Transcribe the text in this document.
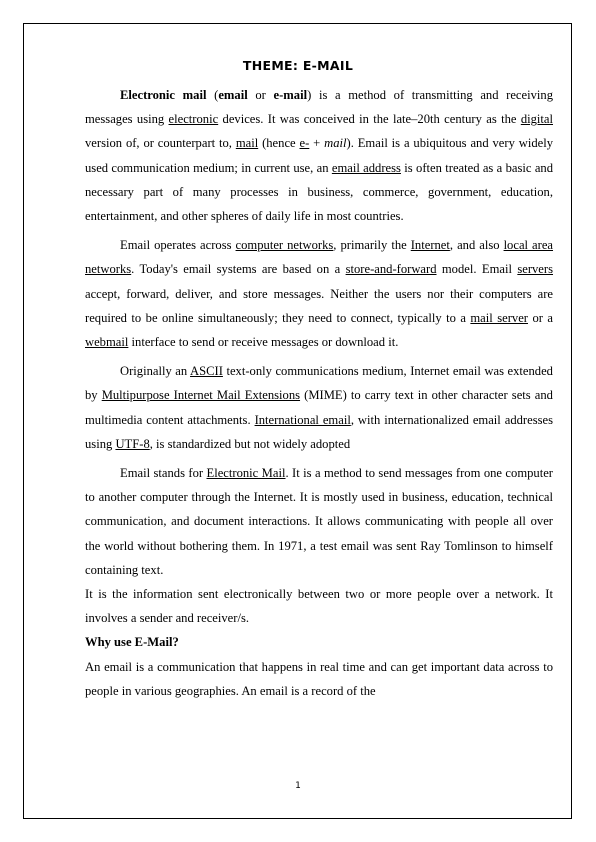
THEME: E-MAIL

Electronic mail (email or e-mail) is a method of transmitting and receiving messages using electronic devices. It was conceived in the late–20th century as the digital version of, or counterpart to, mail (hence e- + mail). Email is a ubiquitous and very widely used communication medium; in current use, an email address is often treated as a basic and necessary part of many processes in business, commerce, government, education, entertainment, and other spheres of daily life in most countries.

Email operates across computer networks, primarily the Internet, and also local area networks. Today's email systems are based on a store-and-forward model. Email servers accept, forward, deliver, and store messages. Neither the users nor their computers are required to be online simultaneously; they need to connect, typically to a mail server or a webmail interface to send or receive messages or download it.

Originally an ASCII text-only communications medium, Internet email was extended by Multipurpose Internet Mail Extensions (MIME) to carry text in other character sets and multimedia content attachments. International email, with internationalized email addresses using UTF-8, is standardized but not widely adopted

Email stands for Electronic Mail. It is a method to send messages from one computer to another computer through the Internet. It is mostly used in business, education, technical communication, and document interactions. It allows communicating with people all over the world without bothering them. In 1971, a test email was sent Ray Tomlinson to himself containing text.

It is the information sent electronically between two or more people over a network. It involves a sender and receiver/s.

Why use E-Mail?

An email is a communication that happens in real time and can get important data across to people in various geographies. An email is a record of the

1
